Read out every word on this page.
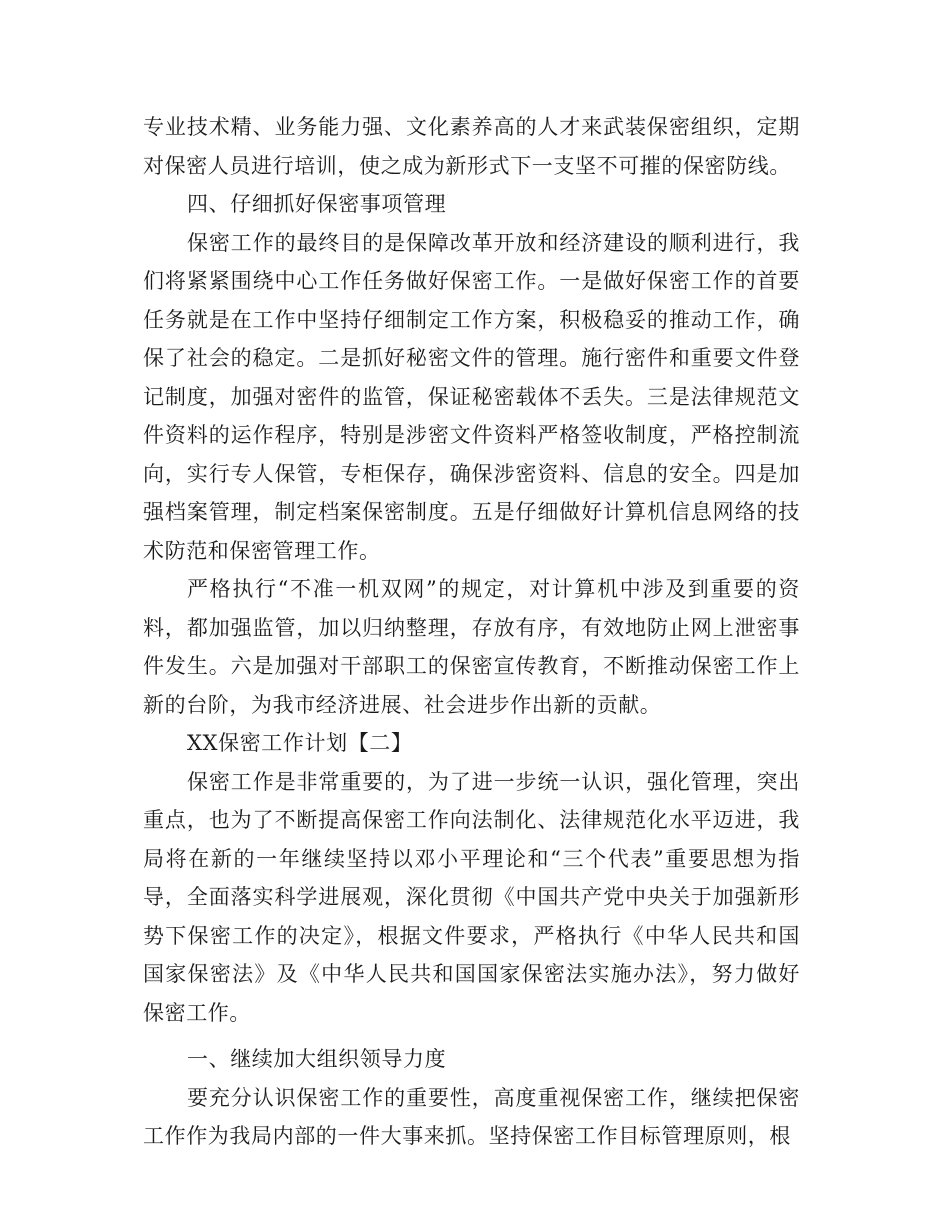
专业技术精、业务能力强、文化素养高的人才来武装保密组织，定期对保密人员进行培训，使之成为新形式下一支坚不可摧的保密防线。

四、仔细抓好保密事项管理

保密工作的最终目的是保障改革开放和经济建设的顺利进行，我们将紧紧围绕中心工作任务做好保密工作。一是做好保密工作的首要任务就是在工作中坚持仔细制定工作方案，积极稳妥的推动工作，确保了社会的稳定。二是抓好秘密文件的管理。施行密件和重要文件登记制度，加强对密件的监管，保证秘密载体不丢失。三是法律规范文件资料的运作程序，特别是涉密文件资料严格签收制度，严格控制流向，实行专人保管，专柜保存，确保涉密资料、信息的安全。四是加强档案管理，制定档案保密制度。五是仔细做好计算机信息网络的技术防范和保密管理工作。

严格执行“不准一机双网”的规定，对计算机中涉及到重要的资料，都加强监管，加以归纳整理，存放有序，有效地防止网上泄密事件发生。六是加强对干部职工的保密宣传教育，不断推动保密工作上新的台阶，为我市经济进展、社会进步作出新的贡献。

XX保密工作计划【二】

保密工作是非常重要的，为了进一步统一认识，强化管理，突出重点，也为了不断提高保密工作向法制化、法律规范化水平迈进，我局将在新的一年继续坚持以邓小平理论和“三个代表”重要思想为指导，全面落实科学进展观，深化贯彻《中国共产党中央关于加强新形势下保密工作的决定》，根据文件要求，严格执行《中华人民共和国国家保密法》及《中华人民共和国国家保密法实施办法》，努力做好保密工作。

一、继续加大组织领导力度

要充分认识保密工作的重要性，高度重视保密工作，继续把保密工作作为我局内部的一件大事来抓。坚持保密工作目标管理原则，根
